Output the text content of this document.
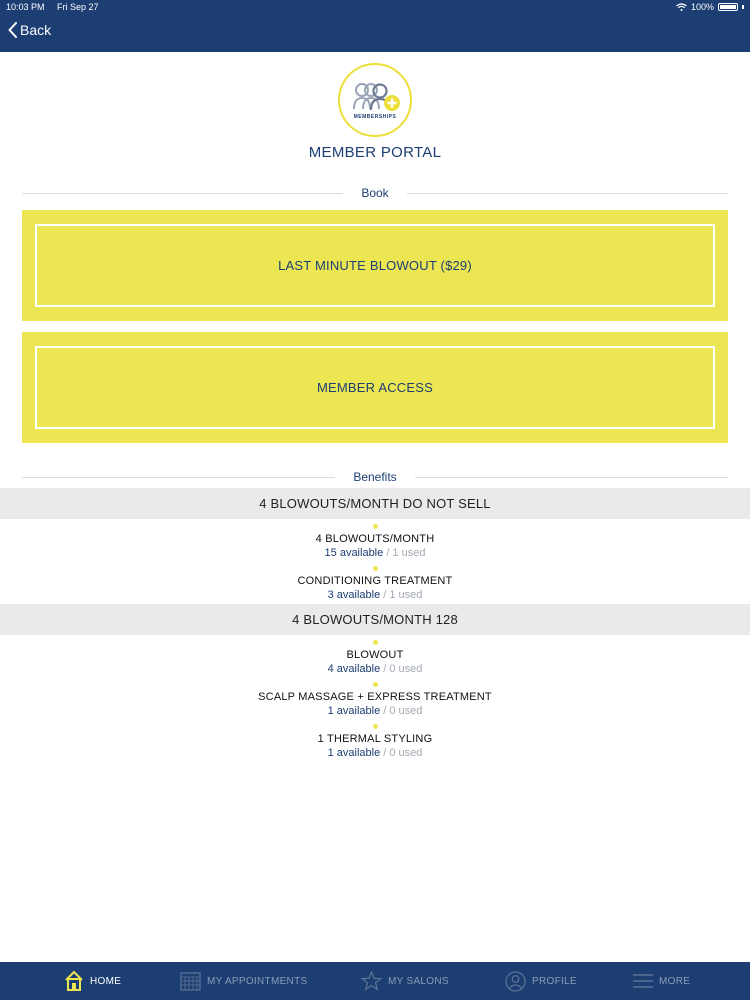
10:03 PM Fri Sep 27	100%
Back
MEMBERSHIPS
MEMBER PORTAL
Book
LAST MINUTE BLOWOUT ($29)
MEMBER ACCESS
Benefits
4 BLOWOUTS/MONTH DO NOT SELL
4 BLOWOUTS/MONTH
15 available / 1 used
CONDITIONING TREATMENT
3 available / 1 used
4 BLOWOUTS/MONTH 128
BLOWOUT
4 available / 0 used
SCALP MASSAGE + EXPRESS TREATMENT
1 available / 0 used
1 THERMAL STYLING
1 available / 0 used
HOME	MY APPOINTMENTS	MY SALONS	PROFILE	MORE
